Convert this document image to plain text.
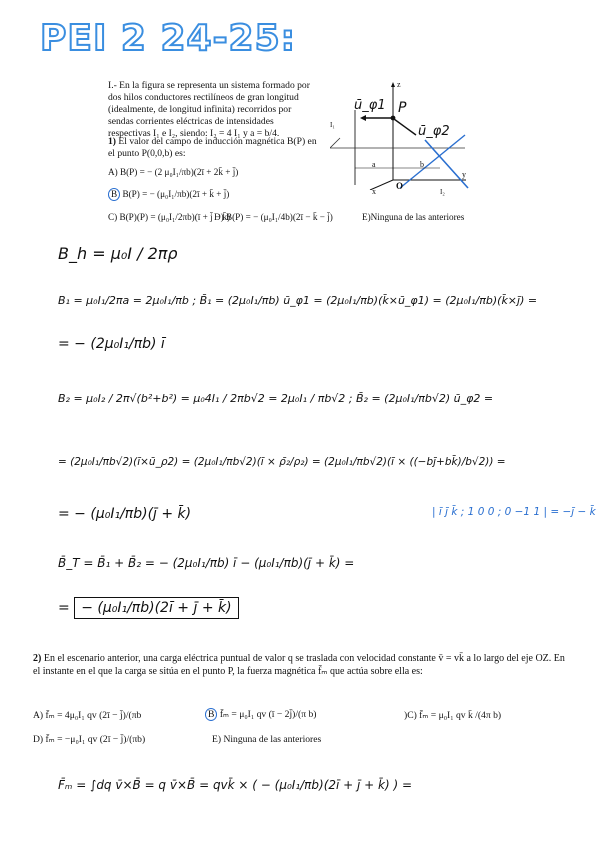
PEI 2 24-25:

I.- En la figura se representa un sistema formado por dos hilos conductores rectilíneos de gran longitud (idealmente, de longitud infinita) recorridos por sendas corrientes eléctricas de intensidades respectivas I₁ e I₂, siendo: I₂ = 4 I₁ y a = b/4.

1) El valor del campo de inducción magnética B(P) en el punto P(0,0,b) es:
ū_φ1 P
ū_φ2
z
y
x
a	b
O
I₁
I₂
A) B(P) = − (2 μ₀I₁/πb)(2ī + 2k̄ + j̄)
B B(P) = − (μ₀I₁/πb)(2ī + k̄ + j̄)
C) B(P)(P) = (μ₀I₁/2πb)(ī + j̄ − k̄)
D) B(P) = − (μ₀I₁/4b)(2ī − k̄ − j̄)	E)Ninguna de las anteriores
B_h = μ₀I / 2πρ
B₁ = μ₀I₁/2πa = 2μ₀I₁/πb ; B̄₁ = (2μ₀I₁/πb) ū_φ1 = (2μ₀I₁/πb)(k̄×ū_φ1) = (2μ₀I₁/πb)(k̄×j̄) =
= − (2μ₀I₁/πb) ī
B₂ = μ₀I₂ / 2π√(b²+b²) = μ₀4I₁ / 2πb√2 = 2μ₀I₁ / πb√2 ; B̄₂ = (2μ₀I₁/πb√2) ū_φ2 =
= (2μ₀I₁/πb√2)(ī×ū_ρ2) = (2μ₀I₁/πb√2)(ī × ρ̄₂/ρ₂) = (2μ₀I₁/πb√2)(ī × ((−bj̄+bk̄)/b√2)) =
= − (μ₀I₁/πb)(j̄ + k̄)	| ī j̄ k̄ ; 1 0 0 ; 0 −1 1 | = −j̄ − k̄
B̄_T = B̄₁ + B̄₂ = − (2μ₀I₁/πb) ī − (μ₀I₁/πb)(j̄ + k̄) =
= − (μ₀I₁/πb)(2ī + j̄ + k̄)
2) En el escenario anterior, una carga eléctrica puntual de valor q se traslada con velocidad constante v̄ = vk̄ a lo largo del eje OZ. En el instante en el que la carga se sitúa en el punto P, la fuerza magnética f̄ₘ que actúa sobre ella es:
A) f̄ₘ = 4μ₀I₁ qv (2ī − j̄)/(πb	B f̄ₘ = μ₀I₁ qv (ī − 2j̄)/(π b)	)C) f̄ₘ = μ₀I₁ qv k̄ /(4π b)
D) f̄ₘ = −μ₀I₁ qv (2ī − j̄)/(πb)	E) Ninguna de las anteriores
F̄ₘ = ∫dq v̄×B̄ = q v̄×B̄ = qvk̄ × ( − (μ₀I₁/πb)(2ī + j̄ + k̄) ) =
